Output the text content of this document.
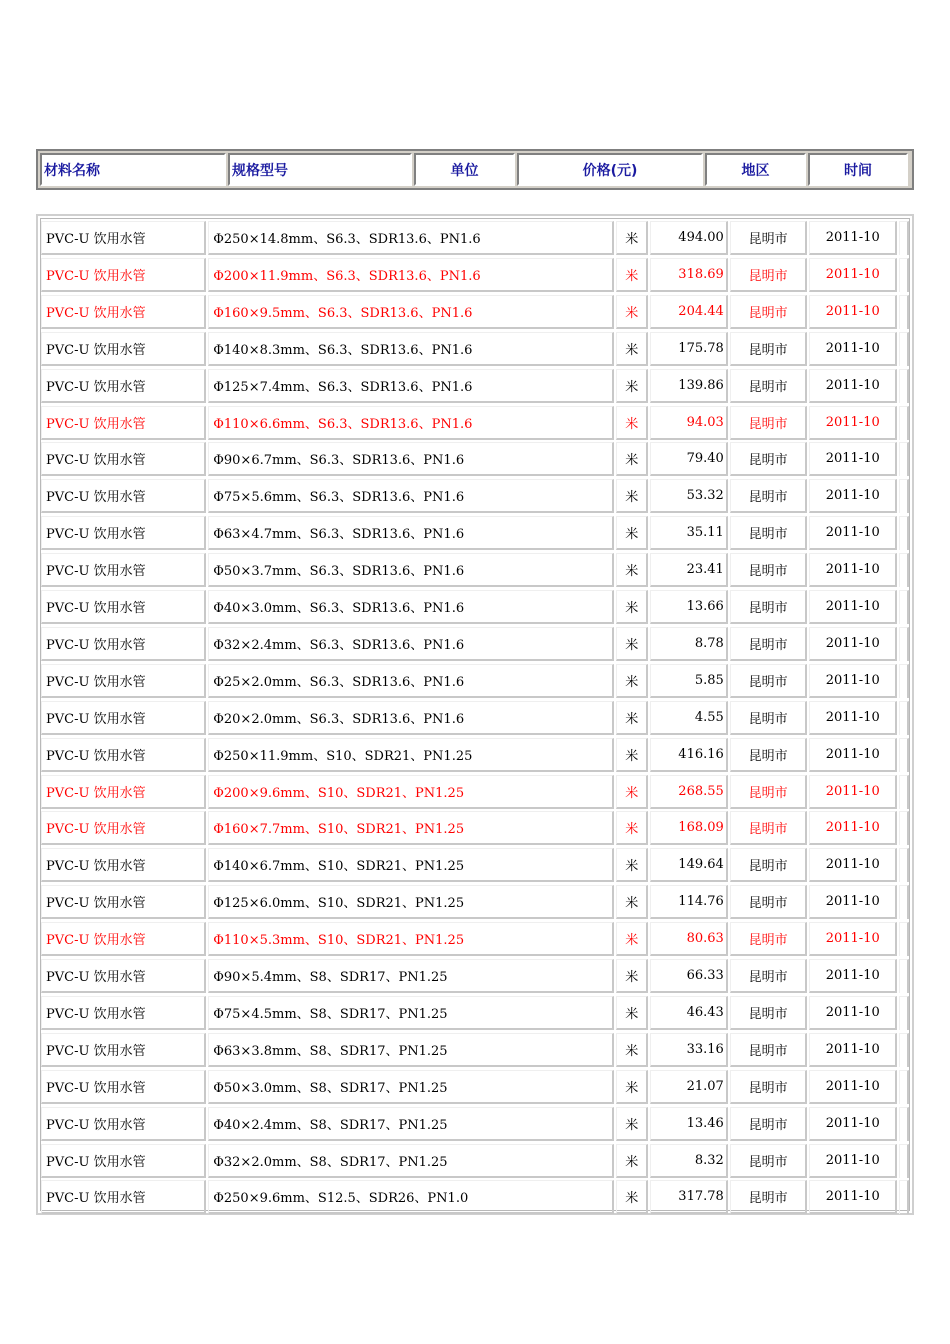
材料名称	规格型号	单位	价格(元)	地区	时间
PVC-U 饮用水管	Φ250×14.8mm、S6.3、SDR13.6、PN1.6	米	494.00	昆明市	2011-10
PVC-U 饮用水管	Φ200×11.9mm、S6.3、SDR13.6、PN1.6	米	318.69	昆明市	2011-10
PVC-U 饮用水管	Φ160×9.5mm、S6.3、SDR13.6、PN1.6	米	204.44	昆明市	2011-10
PVC-U 饮用水管	Φ140×8.3mm、S6.3、SDR13.6、PN1.6	米	175.78	昆明市	2011-10
PVC-U 饮用水管	Φ125×7.4mm、S6.3、SDR13.6、PN1.6	米	139.86	昆明市	2011-10
PVC-U 饮用水管	Φ110×6.6mm、S6.3、SDR13.6、PN1.6	米	94.03	昆明市	2011-10
PVC-U 饮用水管	Φ90×6.7mm、S6.3、SDR13.6、PN1.6	米	79.40	昆明市	2011-10
PVC-U 饮用水管	Φ75×5.6mm、S6.3、SDR13.6、PN1.6	米	53.32	昆明市	2011-10
PVC-U 饮用水管	Φ63×4.7mm、S6.3、SDR13.6、PN1.6	米	35.11	昆明市	2011-10
PVC-U 饮用水管	Φ50×3.7mm、S6.3、SDR13.6、PN1.6	米	23.41	昆明市	2011-10
PVC-U 饮用水管	Φ40×3.0mm、S6.3、SDR13.6、PN1.6	米	13.66	昆明市	2011-10
PVC-U 饮用水管	Φ32×2.4mm、S6.3、SDR13.6、PN1.6	米	8.78	昆明市	2011-10
PVC-U 饮用水管	Φ25×2.0mm、S6.3、SDR13.6、PN1.6	米	5.85	昆明市	2011-10
PVC-U 饮用水管	Φ20×2.0mm、S6.3、SDR13.6、PN1.6	米	4.55	昆明市	2011-10
PVC-U 饮用水管	Φ250×11.9mm、S10、SDR21、PN1.25	米	416.16	昆明市	2011-10
PVC-U 饮用水管	Φ200×9.6mm、S10、SDR21、PN1.25	米	268.55	昆明市	2011-10
PVC-U 饮用水管	Φ160×7.7mm、S10、SDR21、PN1.25	米	168.09	昆明市	2011-10
PVC-U 饮用水管	Φ140×6.7mm、S10、SDR21、PN1.25	米	149.64	昆明市	2011-10
PVC-U 饮用水管	Φ125×6.0mm、S10、SDR21、PN1.25	米	114.76	昆明市	2011-10
PVC-U 饮用水管	Φ110×5.3mm、S10、SDR21、PN1.25	米	80.63	昆明市	2011-10
PVC-U 饮用水管	Φ90×5.4mm、S8、SDR17、PN1.25	米	66.33	昆明市	2011-10
PVC-U 饮用水管	Φ75×4.5mm、S8、SDR17、PN1.25	米	46.43	昆明市	2011-10
PVC-U 饮用水管	Φ63×3.8mm、S8、SDR17、PN1.25	米	33.16	昆明市	2011-10
PVC-U 饮用水管	Φ50×3.0mm、S8、SDR17、PN1.25	米	21.07	昆明市	2011-10
PVC-U 饮用水管	Φ40×2.4mm、S8、SDR17、PN1.25	米	13.46	昆明市	2011-10
PVC-U 饮用水管	Φ32×2.0mm、S8、SDR17、PN1.25	米	8.32	昆明市	2011-10
PVC-U 饮用水管	Φ250×9.6mm、S12.5、SDR26、PN1.0	米	317.78	昆明市	2011-10
